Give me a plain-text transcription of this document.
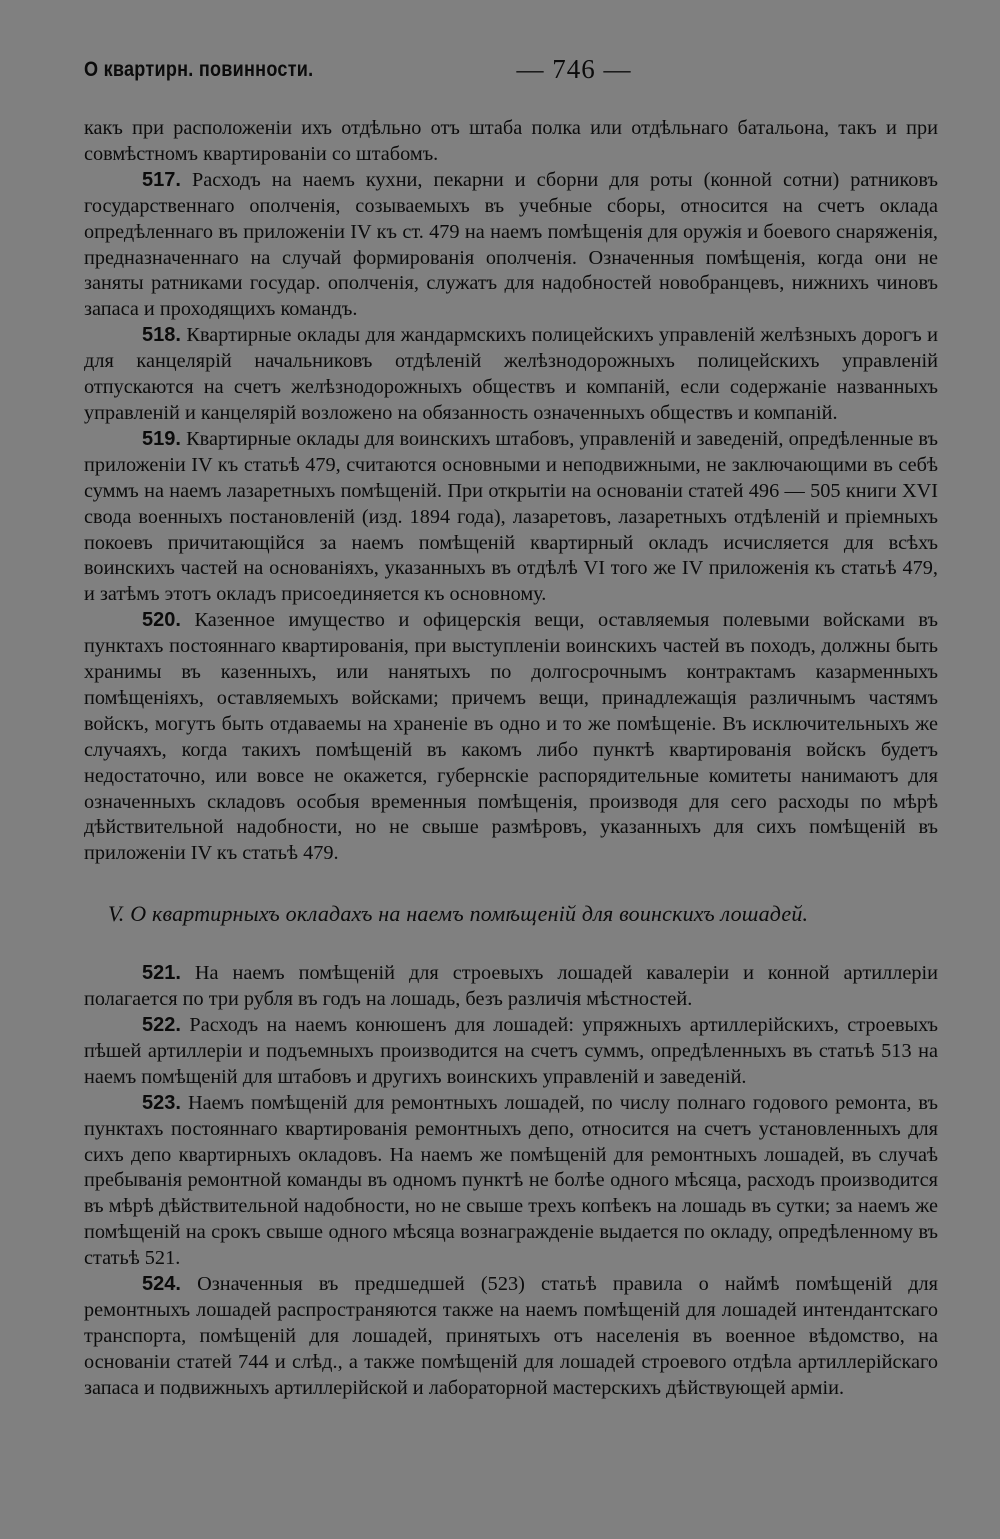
О квартирн. повинности.	— 746 —

какъ при расположеніи ихъ отдѣльно отъ штаба полка или отдѣльнаго батальона, такъ и при совмѣстномъ квартированіи со штабомъ.

517. Расходъ на наемъ кухни, пекарни и сборни для роты (конной сотни) ратниковъ государственнаго ополченія, созываемыхъ въ учебные сборы, относится на счетъ оклада опредѣленнаго въ приложеніи IV къ ст. 479 на наемъ помѣщенія для оружія и боевого снаряженія, предназначеннаго на случай формированія ополченія. Означенныя помѣщенія, когда они не заняты ратниками государ. ополченія, служатъ для надобностей новобранцевъ, нижнихъ чиновъ запаса и проходящихъ командъ.

518. Квартирные оклады для жандармскихъ полицейскихъ управленій желѣзныхъ дорогъ и для канцелярій начальниковъ отдѣленій желѣзнодорожныхъ полицейскихъ управленій отпускаются на счетъ желѣзнодорожныхъ обществъ и компаній, если содержаніе названныхъ управленій и канцелярій возложено на обязанность означенныхъ обществъ и компаній.

519. Квартирные оклады для воинскихъ штабовъ, управленій и заведеній, опредѣленные въ приложеніи IV къ статьѣ 479, считаются основными и неподвижными, не заключающими въ себѣ суммъ на наемъ лазаретныхъ помѣщеній. При открытіи на основаніи статей 496 — 505 книги XVI свода военныхъ постановленій (изд. 1894 года), лазаретовъ, лазаретныхъ отдѣленій и пріемныхъ покоевъ причитающійся за наемъ помѣщеній квартирный окладъ исчисляется для всѣхъ воинскихъ частей на основаніяхъ, указанныхъ въ отдѣлѣ VI того же IV приложенія къ статьѣ 479, и затѣмъ этотъ окладъ присоединяется къ основному.

520. Казенное имущество и офицерскія вещи, оставляемыя полевыми войсками въ пунктахъ постояннаго квартированія, при выступленіи воинскихъ частей въ походъ, должны быть хранимы въ казенныхъ, или нанятыхъ по долгосрочнымъ контрактамъ казарменныхъ помѣщеніяхъ, оставляемыхъ войсками; причемъ вещи, принадлежащія различнымъ частямъ войскъ, могутъ быть отдаваемы на храненіе въ одно и то же помѣщеніе. Въ исключительныхъ же случаяхъ, когда такихъ помѣщеній въ какомъ либо пунктѣ квартированія войскъ будетъ недостаточно, или вовсе не окажется, губернскіе распорядительные комитеты нанимаютъ для означенныхъ складовъ особыя временныя помѣщенія, производя для сего расходы по мѣрѣ дѣйствительной надобности, но не свыше размѣровъ, указанныхъ для сихъ помѣщеній въ приложеніи IV къ статьѣ 479.

V. О квартирныхъ окладахъ на наемъ помѣщеній для воинскихъ лошадей.

521. На наемъ помѣщеній для строевыхъ лошадей кавалеріи и конной артиллеріи полагается по три рубля въ годъ на лошадь, безъ различія мѣстностей.

522. Расходъ на наемъ конюшенъ для лошадей: упряжныхъ артиллерійскихъ, строевыхъ пѣшей артиллеріи и подъемныхъ производится на счетъ суммъ, опредѣленныхъ въ статьѣ 513 на наемъ помѣщеній для штабовъ и другихъ воинскихъ управленій и заведеній.

523. Наемъ помѣщеній для ремонтныхъ лошадей, по числу полнаго годового ремонта, въ пунктахъ постояннаго квартированія ремонтныхъ депо, относится на счетъ установленныхъ для сихъ депо квартирныхъ окладовъ. На наемъ же помѣщеній для ремонтныхъ лошадей, въ случаѣ пребыванія ремонтной команды въ одномъ пунктѣ не болѣе одного мѣсяца, расходъ производится въ мѣрѣ дѣйствительной надобности, но не свыше трехъ копѣекъ на лошадь въ сутки; за наемъ же помѣщеній на срокъ свыше одного мѣсяца вознагражденіе выдается по окладу, опредѣленному въ статьѣ 521.

524. Означенныя въ предшедшей (523) статьѣ правила о наймѣ помѣщеній для ремонтныхъ лошадей распространяются также на наемъ помѣщеній для лошадей интендантскаго транспорта, помѣщеній для лошадей, принятыхъ отъ населенія въ военное вѣдомство, на основаніи статей 744 и слѣд., а также помѣщеній для лошадей строевого отдѣла артиллерійскаго запаса и подвижныхъ артиллерійской и лабораторной мастерскихъ дѣйствующей арміи.
